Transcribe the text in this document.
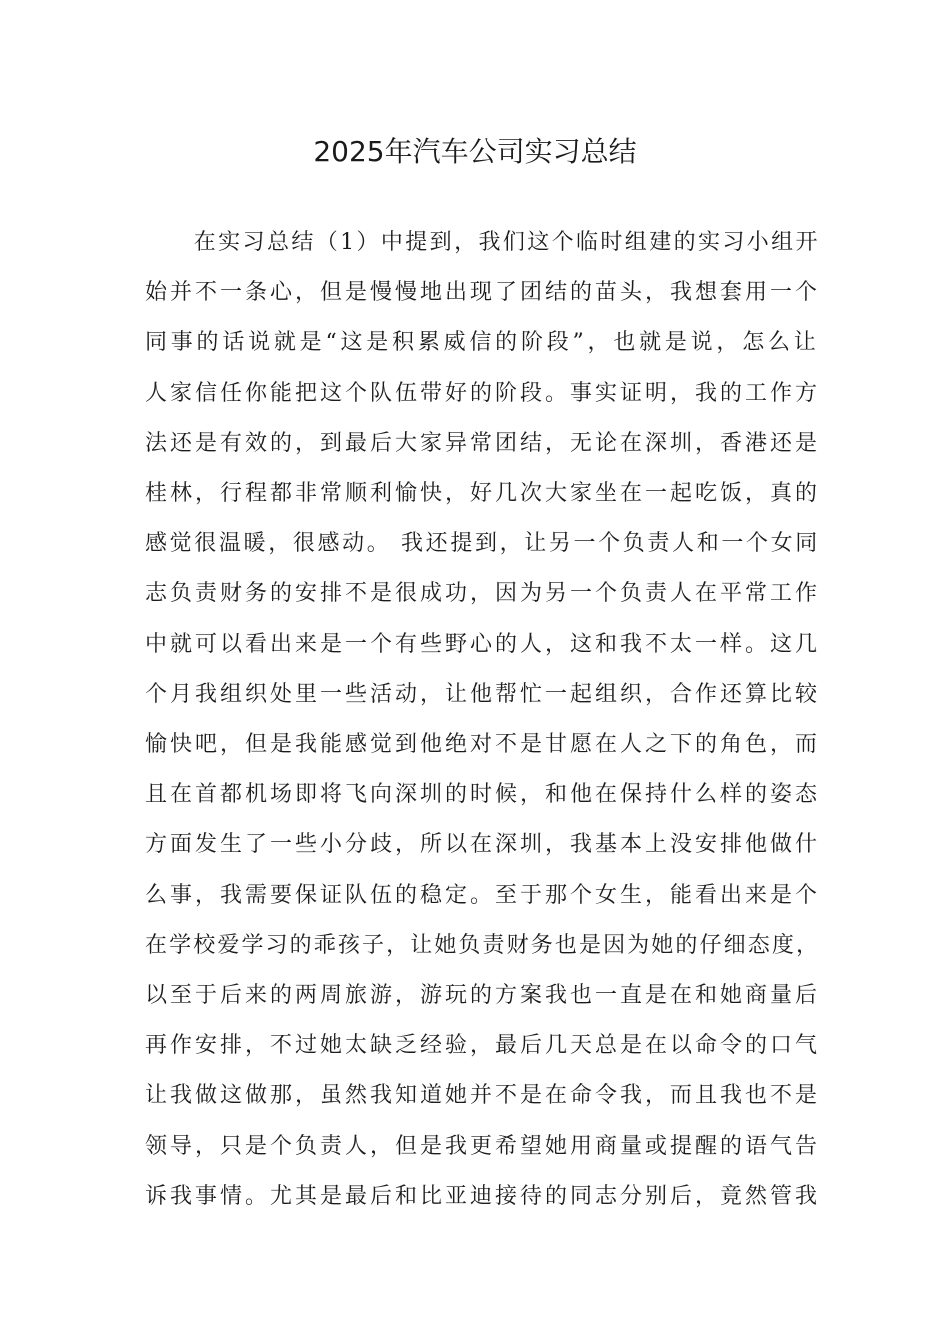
2025年汽车公司实习总结
　　在实习总结（1）中提到，我们这个临时组建的实习小组开
始并不一条心，但是慢慢地出现了团结的苗头，我想套用一个
同事的话说就是“这是积累威信的阶段”，也就是说，怎么让
人家信任你能把这个队伍带好的阶段。事实证明，我的工作方
法还是有效的，到最后大家异常团结，无论在深圳，香港还是
桂林，行程都非常顺利愉快，好几次大家坐在一起吃饭，真的
感觉很温暖，很感动。 我还提到，让另一个负责人和一个女同
志负责财务的安排不是很成功，因为另一个负责人在平常工作
中就可以看出来是一个有些野心的人，这和我不太一样。这几
个月我组织处里一些活动，让他帮忙一起组织，合作还算比较
愉快吧，但是我能感觉到他绝对不是甘愿在人之下的角色，而
且在首都机场即将飞向深圳的时候，和他在保持什么样的姿态
方面发生了一些小分歧，所以在深圳，我基本上没安排他做什
么事，我需要保证队伍的稳定。至于那个女生，能看出来是个
在学校爱学习的乖孩子，让她负责财务也是因为她的仔细态度，
以至于后来的两周旅游，游玩的方案我也一直是在和她商量后
再作安排，不过她太缺乏经验，最后几天总是在以命令的口气
让我做这做那，虽然我知道她并不是在命令我，而且我也不是
领导，只是个负责人，但是我更希望她用商量或提醒的语气告
诉我事情。尤其是最后和比亚迪接待的同志分别后，竟然管我
